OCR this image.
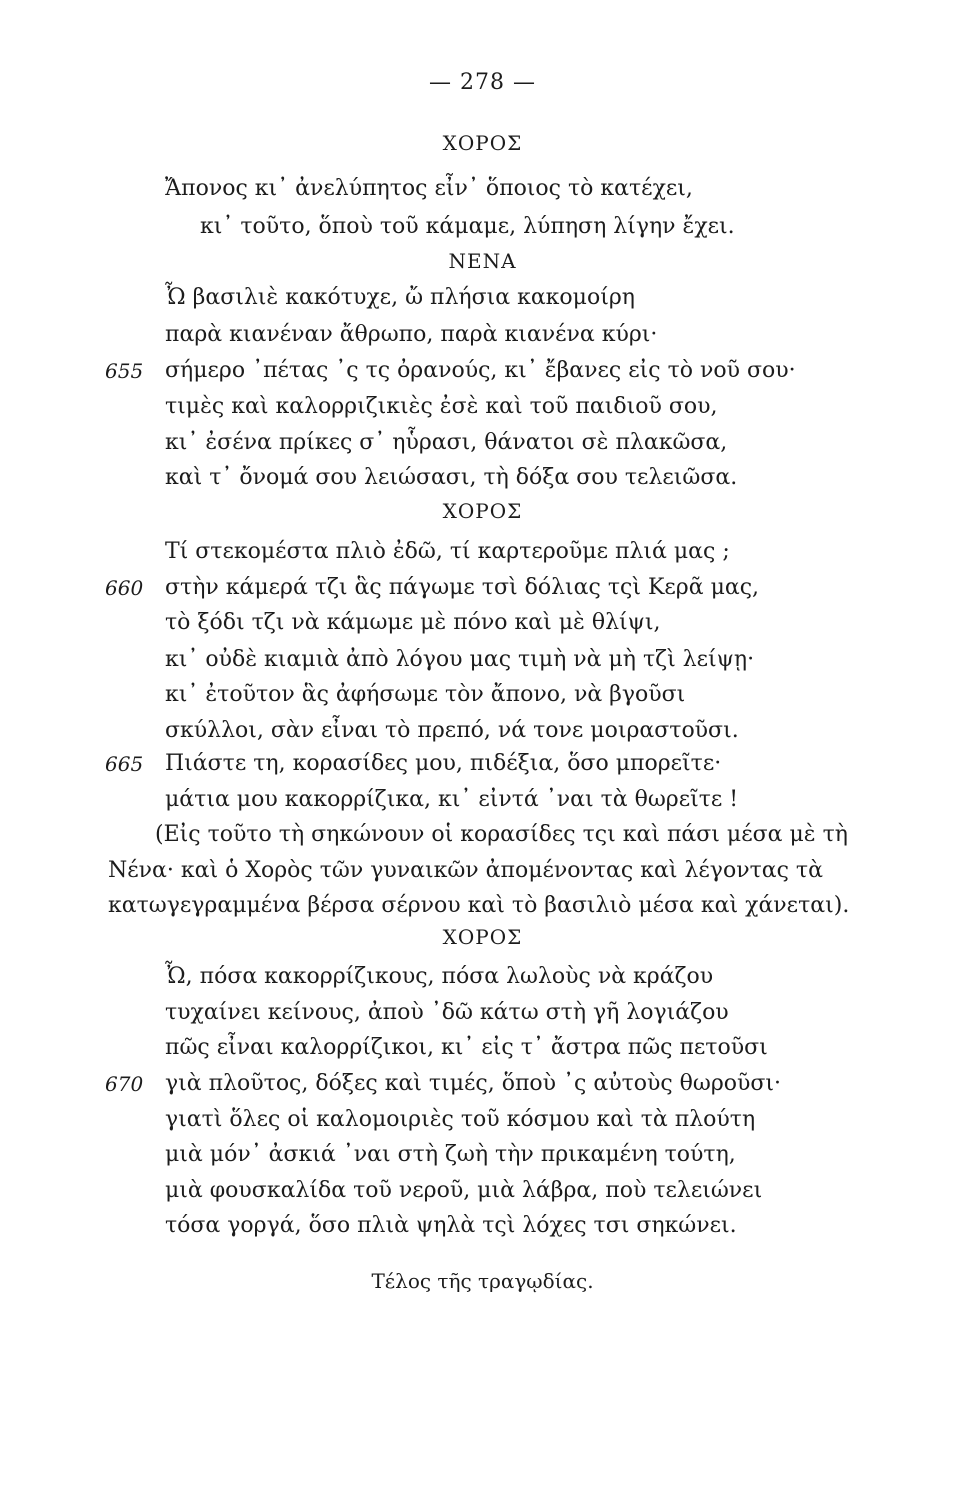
— 278 —
ΧΟΡΟΣ
Ἄπονος κι᾽ ἀνελύπητος εἶν᾽ ὅποιος τὸ κατέχει,
κι᾽ τοῦτο, ὅποὺ τοῦ κάμαμε, λύπηση λίγην ἔχει.
ΝΕΝΑ
Ὦ βασιλιὲ κακότυχε, ὤ πλήσια κακομοίρη
παρὰ κιανέναν ἄθρωπο, παρὰ κιανένα κύρι·
655 σήμερο ᾽πέτας ᾽ς τς ὀρανούς, κι᾽ ἔβανες εἰς τὸ νοῦ σου·
τιμὲς καὶ καλορριζικιὲς ἐσὲ καὶ τοῦ παιδιοῦ σου,
κι᾽ ἐσένα πρίκες σ᾽ ηὗρασι, θάνατοι σὲ πλακῶσα,
καὶ τ᾽ ὄνομά σου λειώσασι, τὴ δόξα σου τελειῶσα.
ΧΟΡΟΣ
Τί στεκομέστα πλιὸ ἐδῶ, τί καρτεροῦμε πλιά μας ;
660 στὴν κάμερά τζι ἃς πάγωμε τσὶ δόλιας τςὶ Κερᾶ μας,
τὸ ξόδι τζι νὰ κάμωμε μὲ πόνο καὶ μὲ θλίψι,
κι᾽ οὐδὲ κιαμιὰ ἀπὸ λόγου μας τιμὴ νὰ μὴ τζὶ λείψῃ·
κι᾽ ἐτοῦτον ἃς ἀφήσωμε τὸν ἄπονο, νὰ βγοῦσι
σκύλλοι, σὰν εἶναι τὸ πρεπό, νά τονε μοιραστοῦσι.
665 Πιάστε τη, κορασίδες μου, πιδέξια, ὅσο μπορεῖτε·
μάτια μου κακορρίζικα, κι᾽ εἰντά ᾽ναι τὰ θωρεῖτε !
(Εἰς τοῦτο τὴ σηκώνουν οἱ κορασίδες τςι καὶ πάσι μέσα μὲ τὴ
Νένα· καὶ ὁ Χορὸς τῶν γυναικῶν ἀπομένοντας καὶ λέγοντας τὰ
κατωγεγραμμένα βέρσα σέρνου καὶ τὸ βασιλιὸ μέσα καὶ χάνεται).
ΧΟΡΟΣ
Ὦ, πόσα κακορρίζικους, πόσα λωλοὺς νὰ κράζου
τυχαίνει κείνους, ἀποὺ ᾽δῶ κάτω στὴ γῆ λογιάζου
πῶς εἶναι καλορρίζικοι, κι᾽ εἰς τ᾽ ἄστρα πῶς πετοῦσι
670 γιὰ πλοῦτος, δόξες καὶ τιμές, ὅποὺ ᾽ς αὐτοὺς θωροῦσι·
γιατὶ ὅλες οἱ καλομοιριὲς τοῦ κόσμου καὶ τὰ πλούτη
μιὰ μόν᾽ ἀσκιά ᾽ναι στὴ ζωὴ τὴν πρικαμένη τούτη,
μιὰ φουσκαλίδα τοῦ νεροῦ, μιὰ λάβρα, ποὺ τελειώνει
τόσα γοργά, ὅσο πλιὰ ψηλὰ τςὶ λόχες τσι σηκώνει.
Τέλος τῆς τραγῳδίας.
